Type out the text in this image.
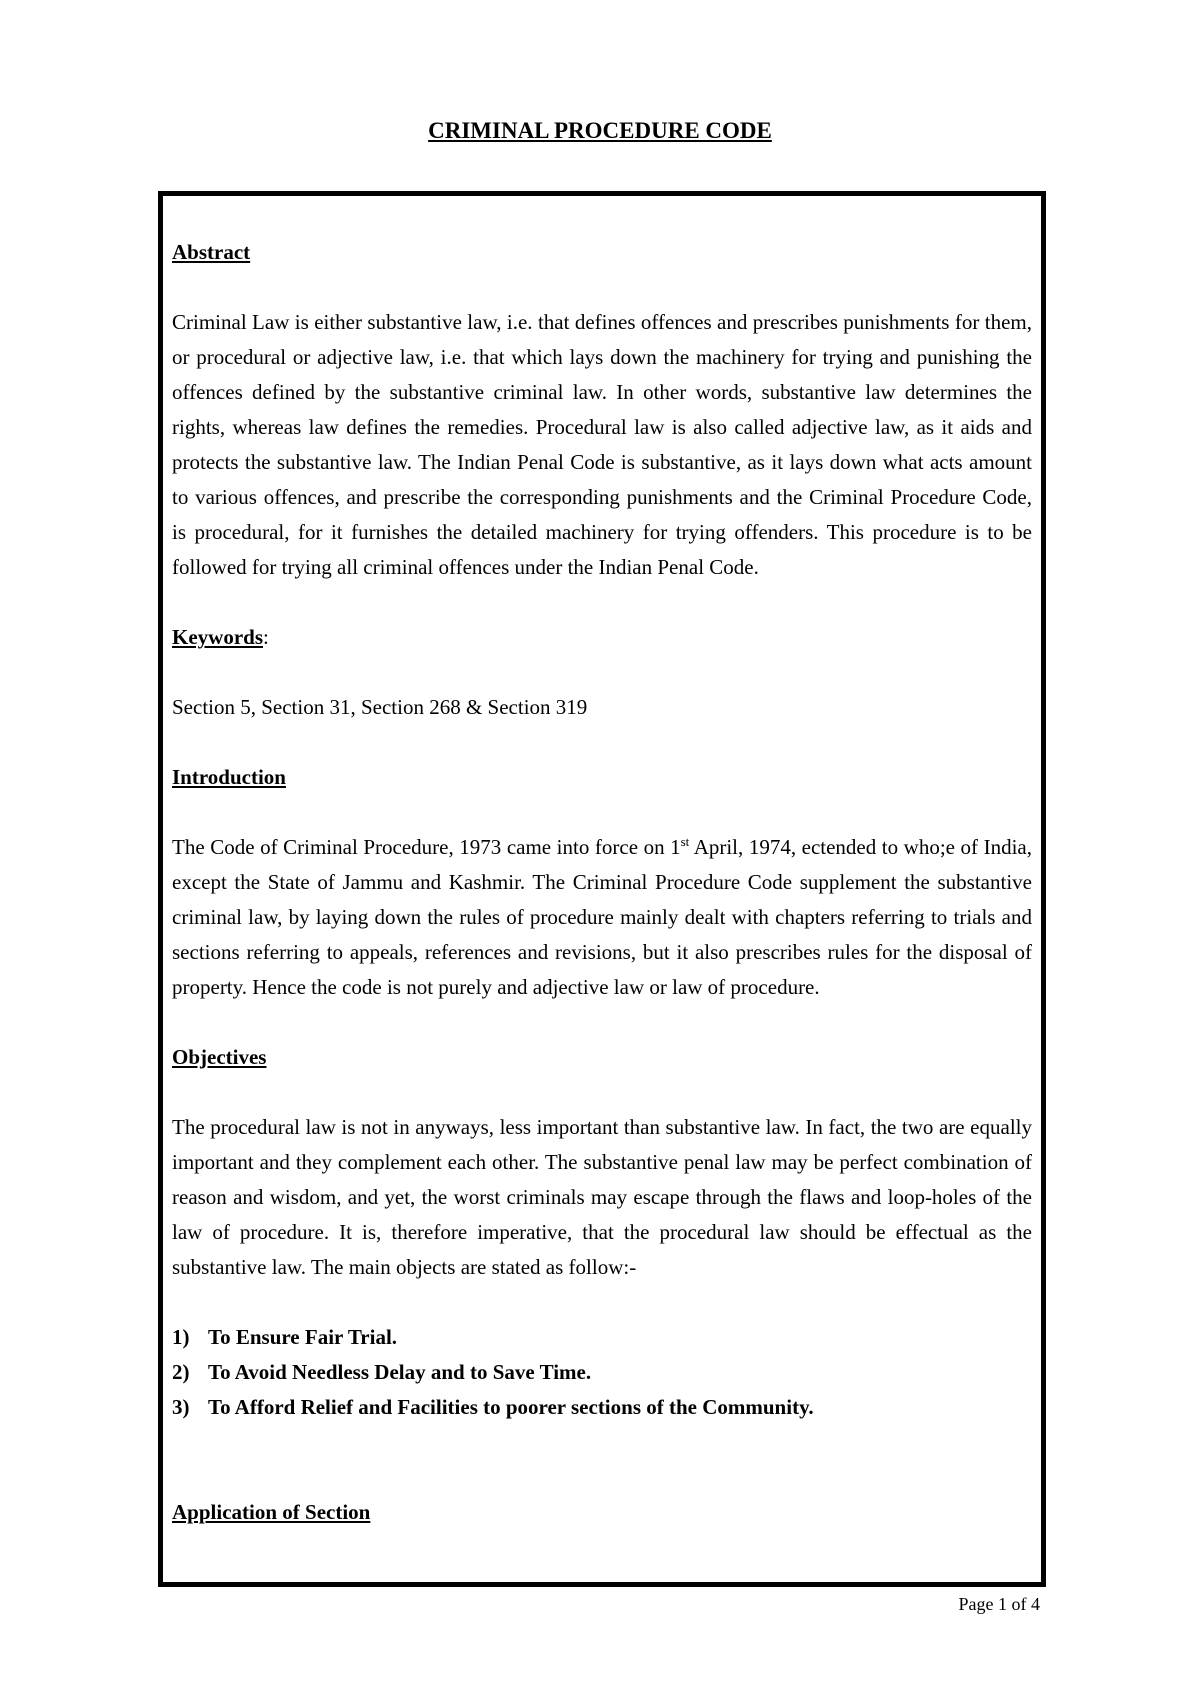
CRIMINAL PROCEDURE CODE

Abstract

Criminal Law is either substantive law, i.e. that defines offences and prescribes punishments for them, or procedural or adjective law, i.e. that which lays down the machinery for trying and punishing the offences defined by the substantive criminal law. In other words, substantive law determines the rights, whereas law defines the remedies. Procedural law is also called adjective law, as it aids and protects the substantive law. The Indian Penal Code is substantive, as it lays down what acts amount to various offences, and prescribe the corresponding punishments and the Criminal Procedure Code, is procedural, for it furnishes the detailed machinery for trying offenders. This procedure is to be followed for trying all criminal offences under the Indian Penal Code.

Keywords:

Section 5, Section 31, Section 268 & Section 319

Introduction

The Code of Criminal Procedure, 1973 came into force on 1st April, 1974, ectended to who;e of India, except the State of Jammu and Kashmir. The Criminal Procedure Code supplement the substantive criminal law, by laying down the rules of procedure mainly dealt with chapters referring to trials and sections referring to appeals, references and revisions, but it also prescribes rules for the disposal of property. Hence the code is not purely and adjective law or law of procedure.

Objectives

The procedural law is not in anyways, less important than substantive law. In fact, the two are equally important and they complement each other. The substantive penal law may be perfect combination of reason and wisdom, and yet, the worst criminals may escape through the flaws and loop-holes of the law of procedure. It is, therefore imperative, that the procedural law should be effectual as the substantive law. The main objects are stated as follow:-

1) To Ensure Fair Trial.
2) To Avoid Needless Delay and to Save Time.
3) To Afford Relief and Facilities to poorer sections of the Community.

Application of Section

Page 1 of 4
